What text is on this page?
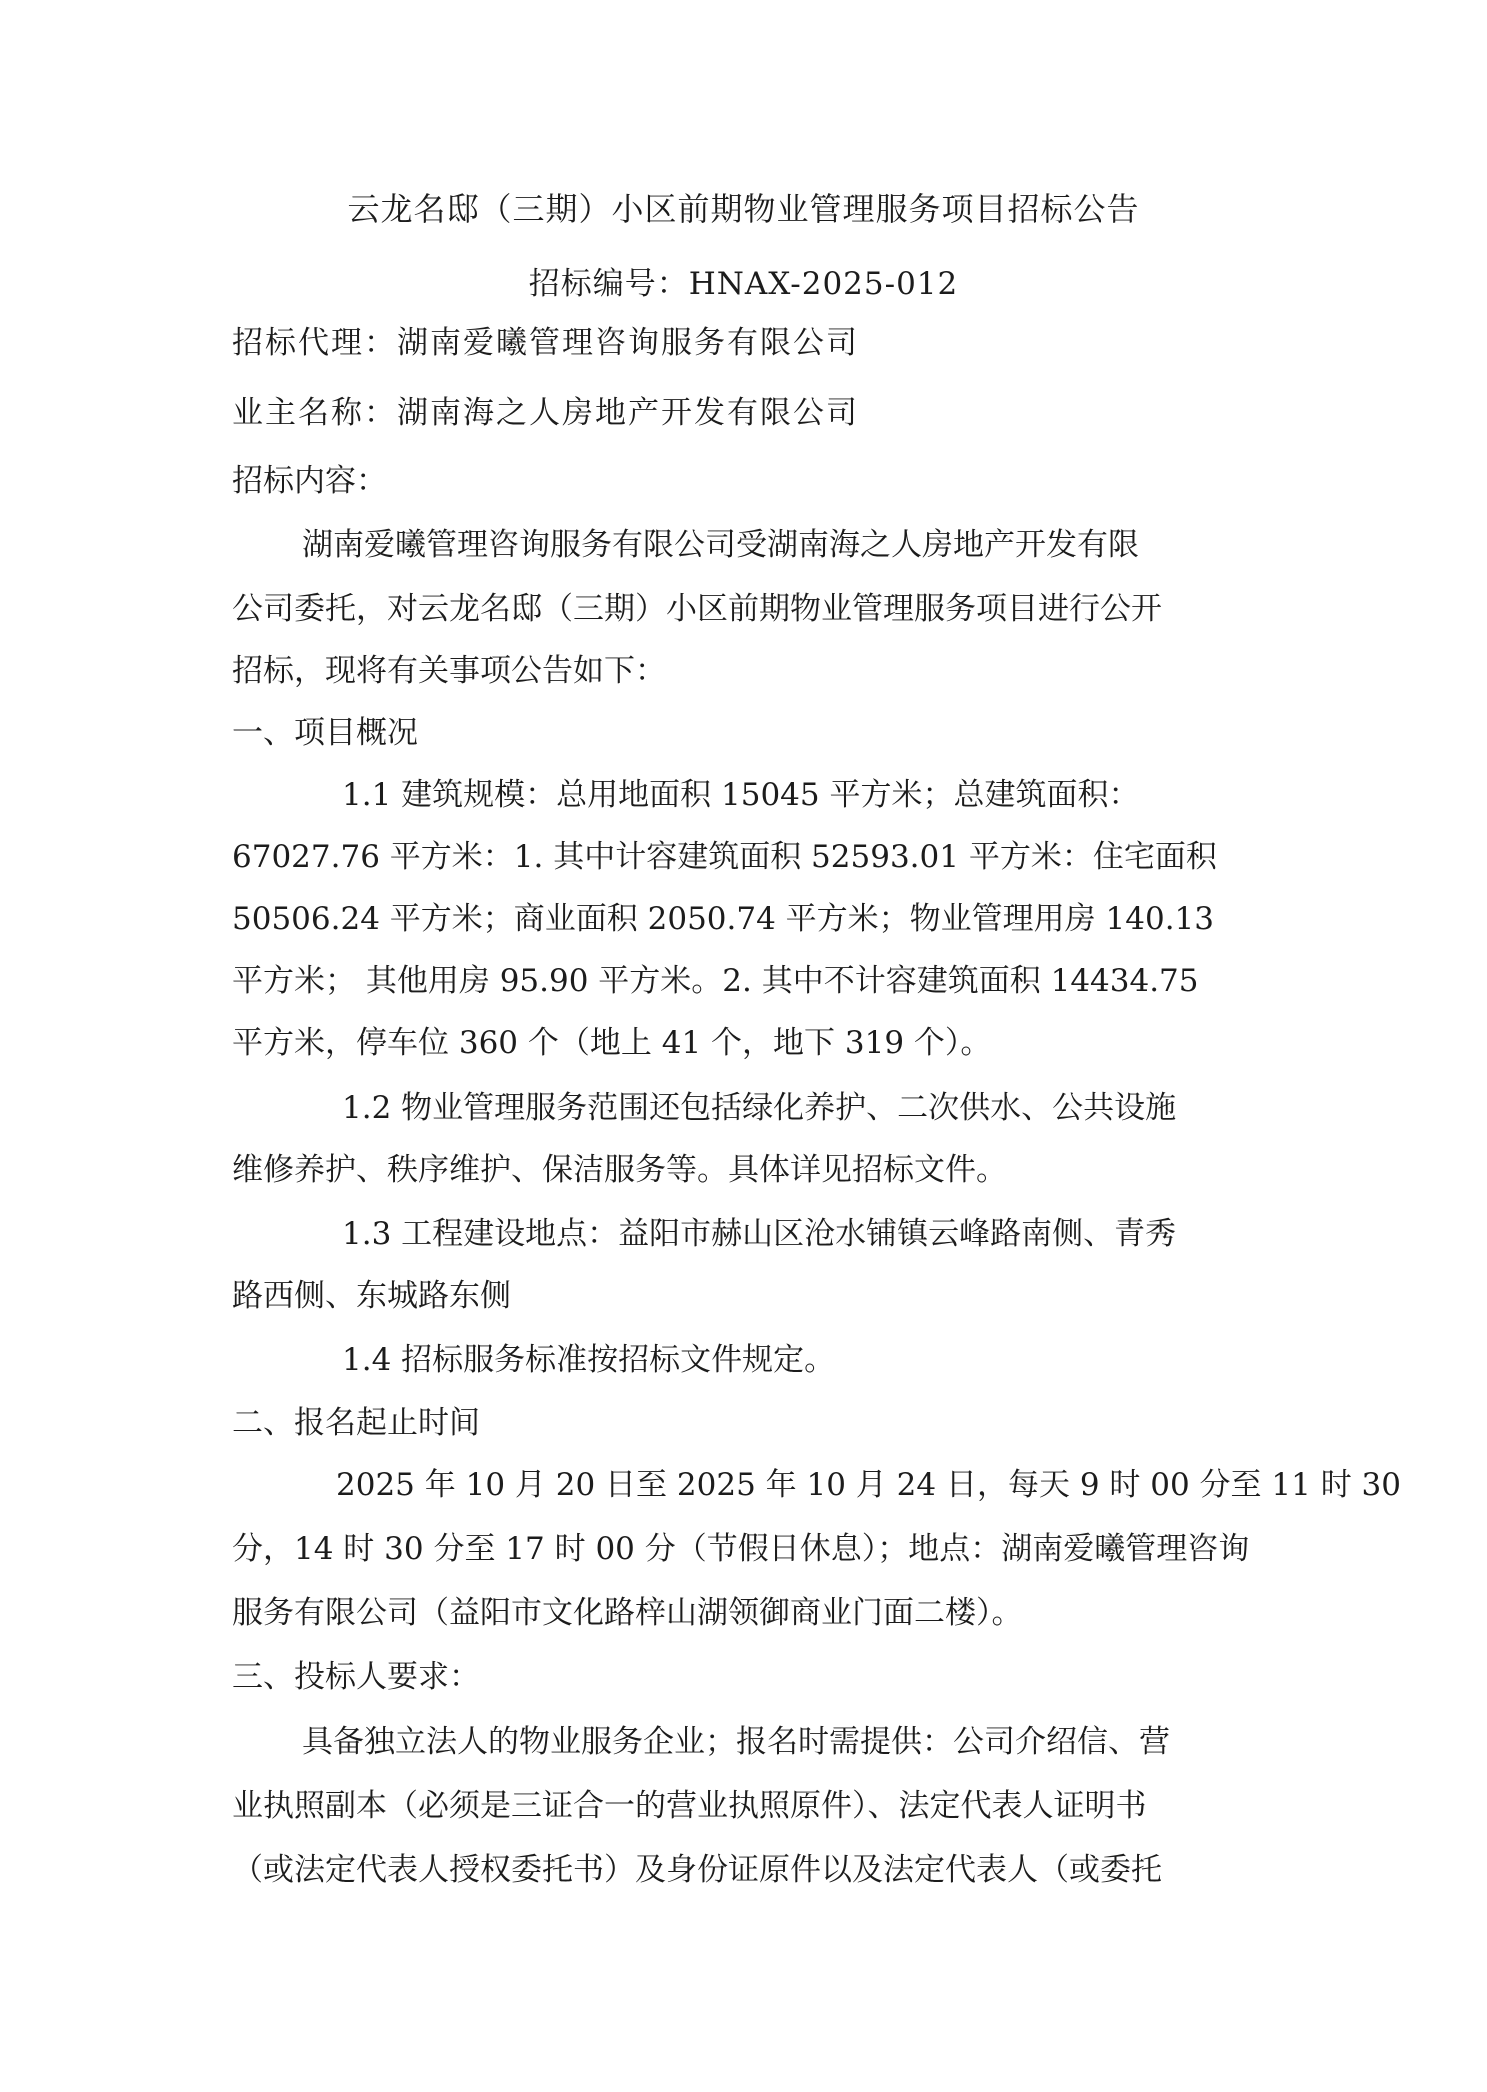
云龙名邸（三期）小区前期物业管理服务项目招标公告
招标编号：HNAX-2025-012
招标代理：湖南爱曦管理咨询服务有限公司
业主名称：湖南海之人房地产开发有限公司
招标内容：
湖南爱曦管理咨询服务有限公司受湖南海之人房地产开发有限
公司委托，对云龙名邸（三期）小区前期物业管理服务项目进行公开
招标，现将有关事项公告如下：
一、项目概况
1.1 建筑规模：总用地面积 15045 平方米；总建筑面积：
67027.76 平方米：1. 其中计容建筑面积 52593.01 平方米：住宅面积
50506.24 平方米；商业面积 2050.74 平方米；物业管理用房 140.13
平方米； 其他用房 95.90 平方米。2. 其中不计容建筑面积 14434.75
平方米，停车位 360 个（地上 41 个，地下 319 个）。
1.2 物业管理服务范围还包括绿化养护、二次供水、公共设施
维修养护、秩序维护、保洁服务等。具体详见招标文件。
1.3 工程建设地点：益阳市赫山区沧水铺镇云峰路南侧、青秀
路西侧、东城路东侧
1.4 招标服务标准按招标文件规定。
二、报名起止时间
2025 年 10 月 20 日至 2025 年 10 月 24 日，每天 9 时 00 分至 11 时 30
分，14 时 30 分至 17 时 00 分（节假日休息）；地点：湖南爱曦管理咨询
服务有限公司（益阳市文化路梓山湖领御商业门面二楼）。
三、投标人要求：
具备独立法人的物业服务企业；报名时需提供：公司介绍信、营
业执照副本（必须是三证合一的营业执照原件）、法定代表人证明书
（或法定代表人授权委托书）及身份证原件以及法定代表人（或委托
